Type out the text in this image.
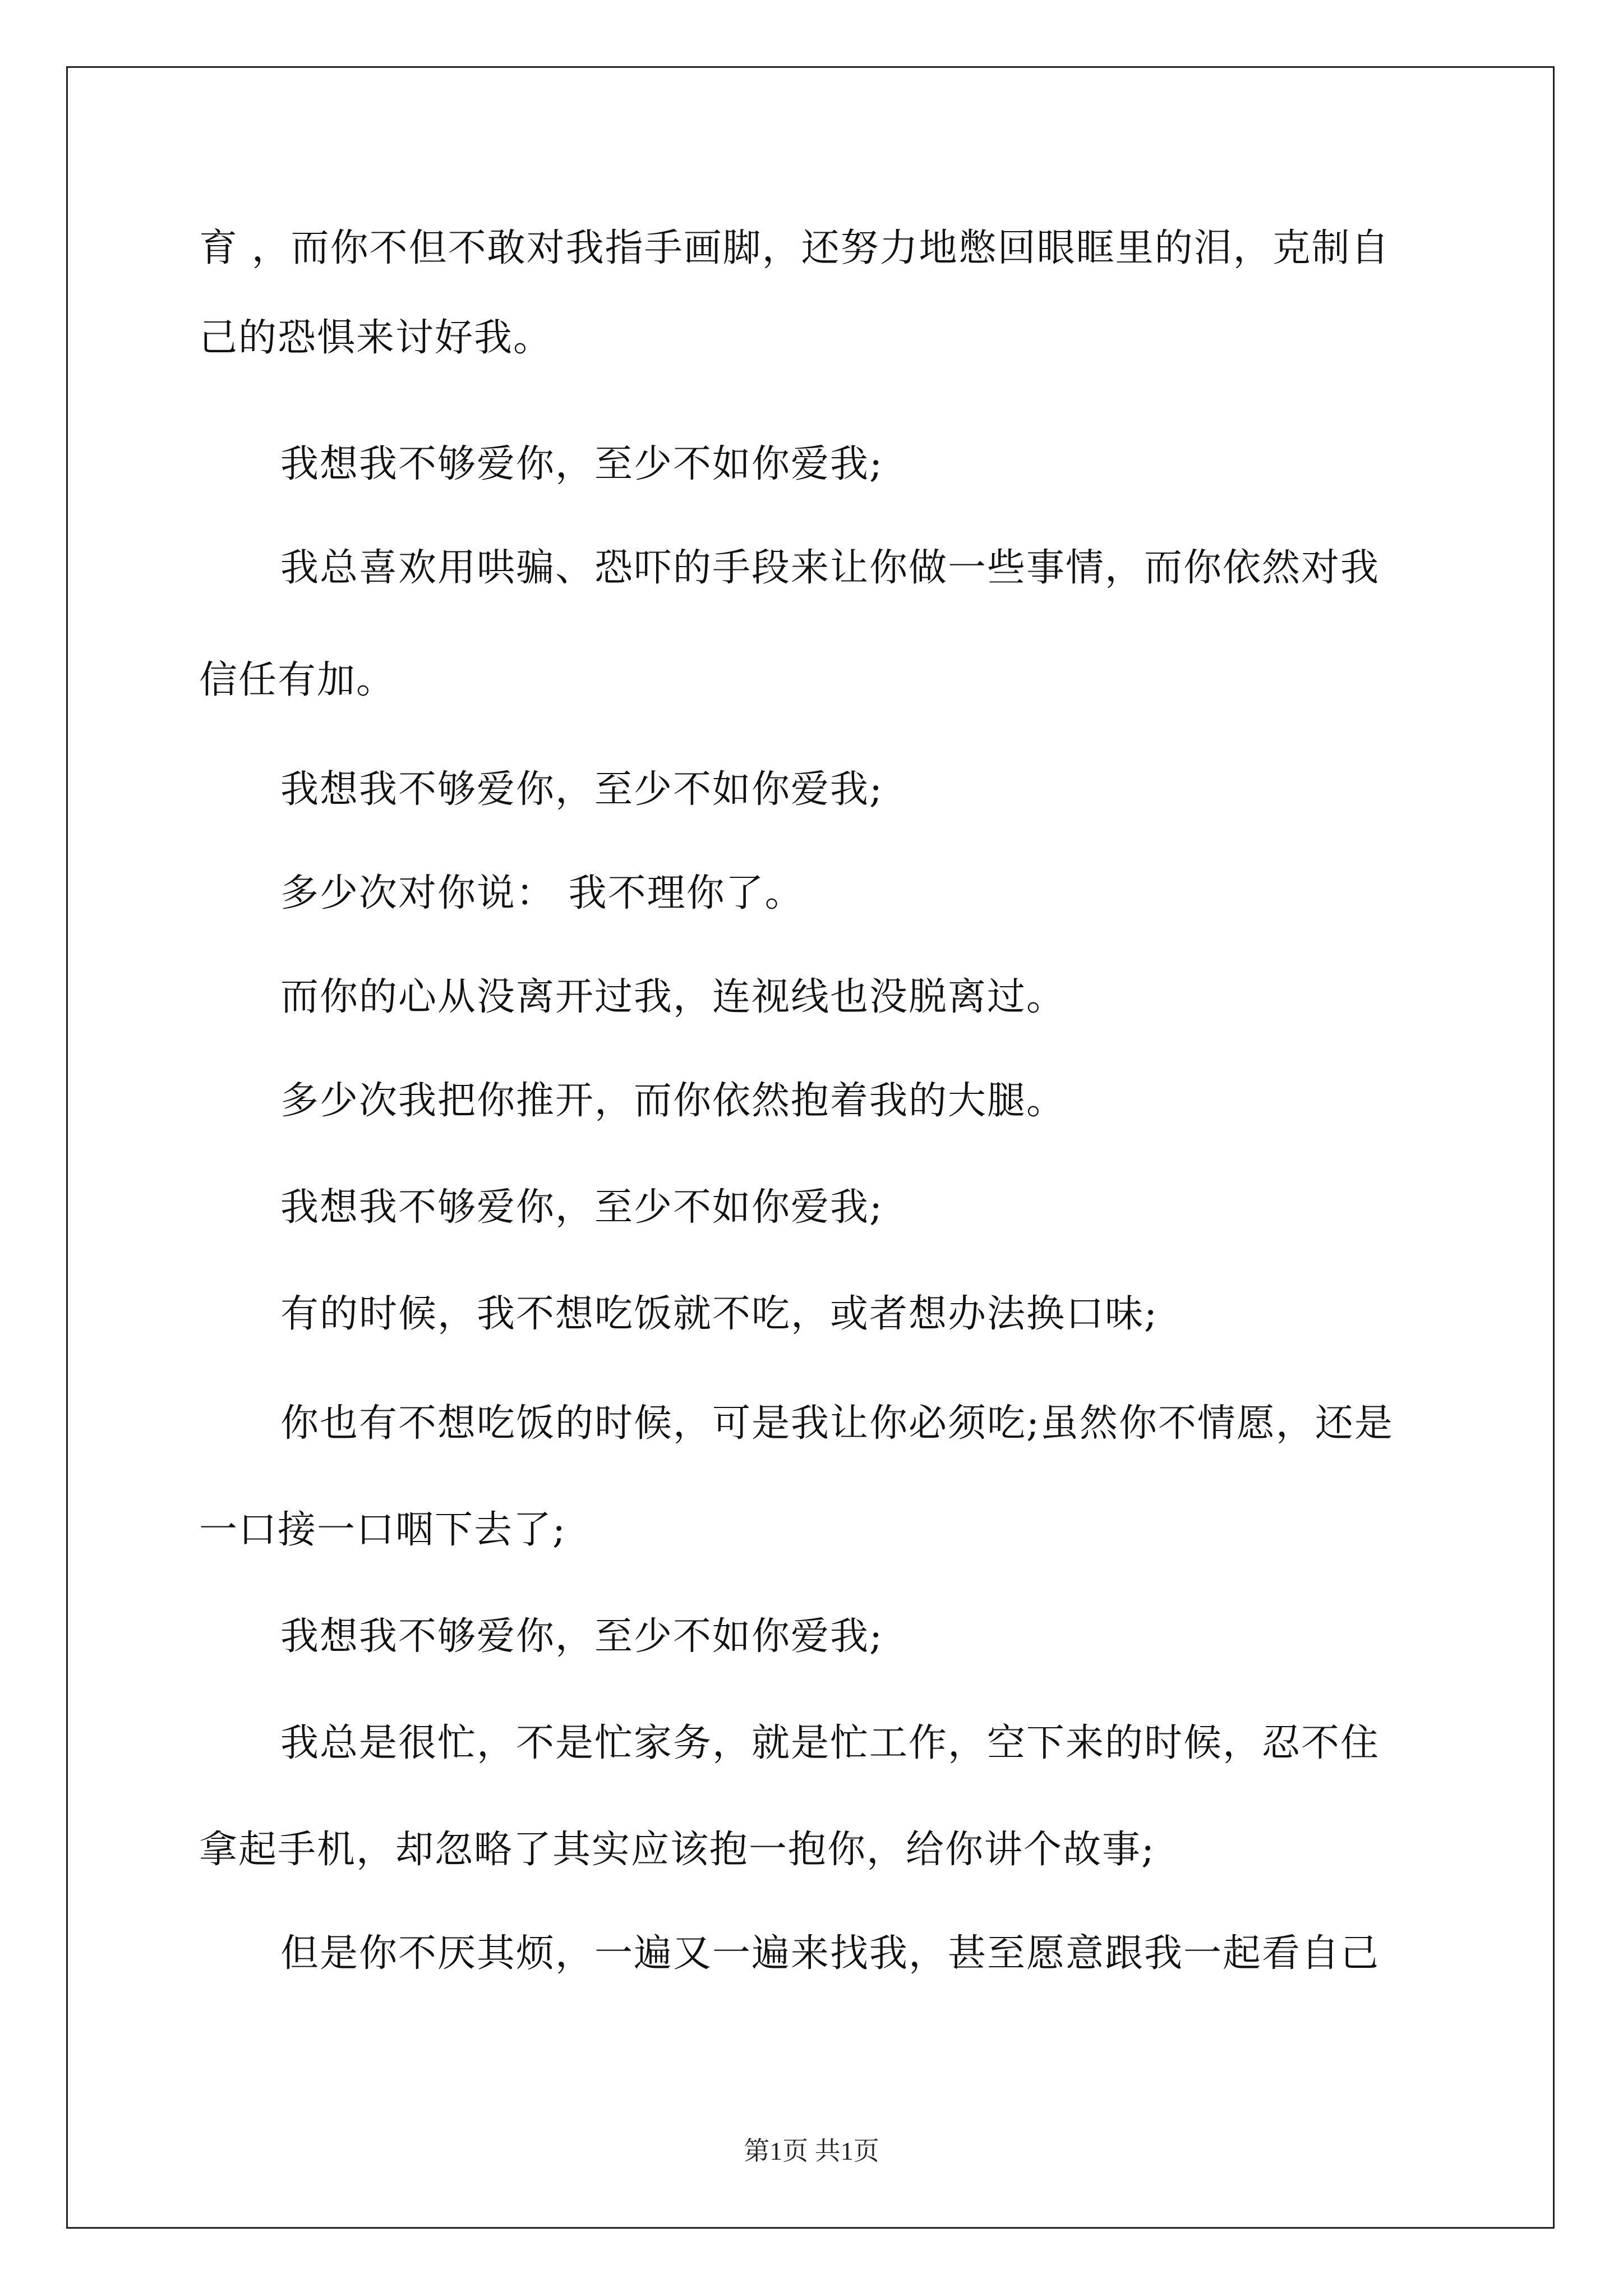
育 ，而你不但不敢对我指手画脚，还努力地憋回眼眶里的泪，克制自

己的恐惧来讨好我。

我想我不够爱你，至少不如你爱我;

我总喜欢用哄骗、恐吓的手段来让你做一些事情，而你依然对我

信任有加。

我想我不够爱你，至少不如你爱我;

多少次对你说： 我不理你了。

而你的心从没离开过我，连视线也没脱离过。

多少次我把你推开，而你依然抱着我的大腿。

我想我不够爱你，至少不如你爱我;

有的时候，我不想吃饭就不吃，或者想办法换口味;

你也有不想吃饭的时候，可是我让你必须吃;虽然你不情愿，还是

一口接一口咽下去了;

我想我不够爱你，至少不如你爱我;

我总是很忙，不是忙家务，就是忙工作，空下来的时候，忍不住

拿起手机，却忽略了其实应该抱一抱你，给你讲个故事;

但是你不厌其烦，一遍又一遍来找我，甚至愿意跟我一起看自己

第1页 共1页
